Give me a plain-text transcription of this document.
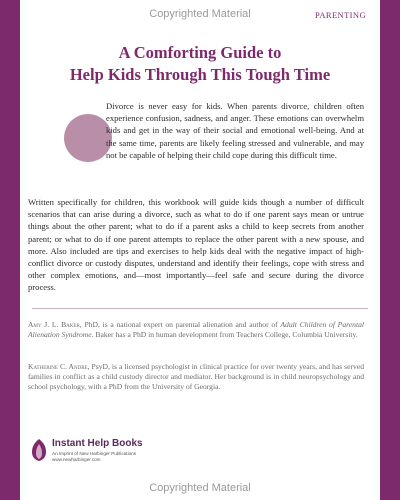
Copyrighted Material	PARENTING
A Comforting Guide to
Help Kids Through This Tough Time
Divorce is never easy for kids. When parents divorce, children often experience confusion, sadness, and anger. These emotions can overwhelm kids and get in the way of their social and emotional well-being. And at the same time, parents are likely feeling stressed and vulnerable, and may not be capable of helping their child cope during this difficult time.
Written specifically for children, this workbook will guide kids though a number of difficult scenarios that can arise during a divorce, such as what to do if one parent says mean or untrue things about the other parent; what to do if a parent asks a child to keep secrets from another parent; or what to do if one parent attempts to replace the other parent with a new spouse, and more. Also included are tips and exercises to help kids deal with the negative impact of high-conflict divorce or custody disputes, understand and identify their feelings, cope with stress and other complex emotions, and—most importantly—feel safe and secure during the divorce process.
Amy J. L. Baker, PhD, is a national expert on parental alienation and author of Adult Children of Parental Alienation Syndrome. Baker has a PhD in human development from Teachers College, Columbia University.
Katherine C. Andre, PsyD, is a licensed psychologist in clinical practice for over twenty years, and has served families in conflict as a child custody director and mediator. Her background is in child neuropsychology and school psychology, with a PhD from the University of Georgia.
Instant Help Books
An Imprint of New Harbinger Publications
www.newharbinger.com
Copyrighted Material
